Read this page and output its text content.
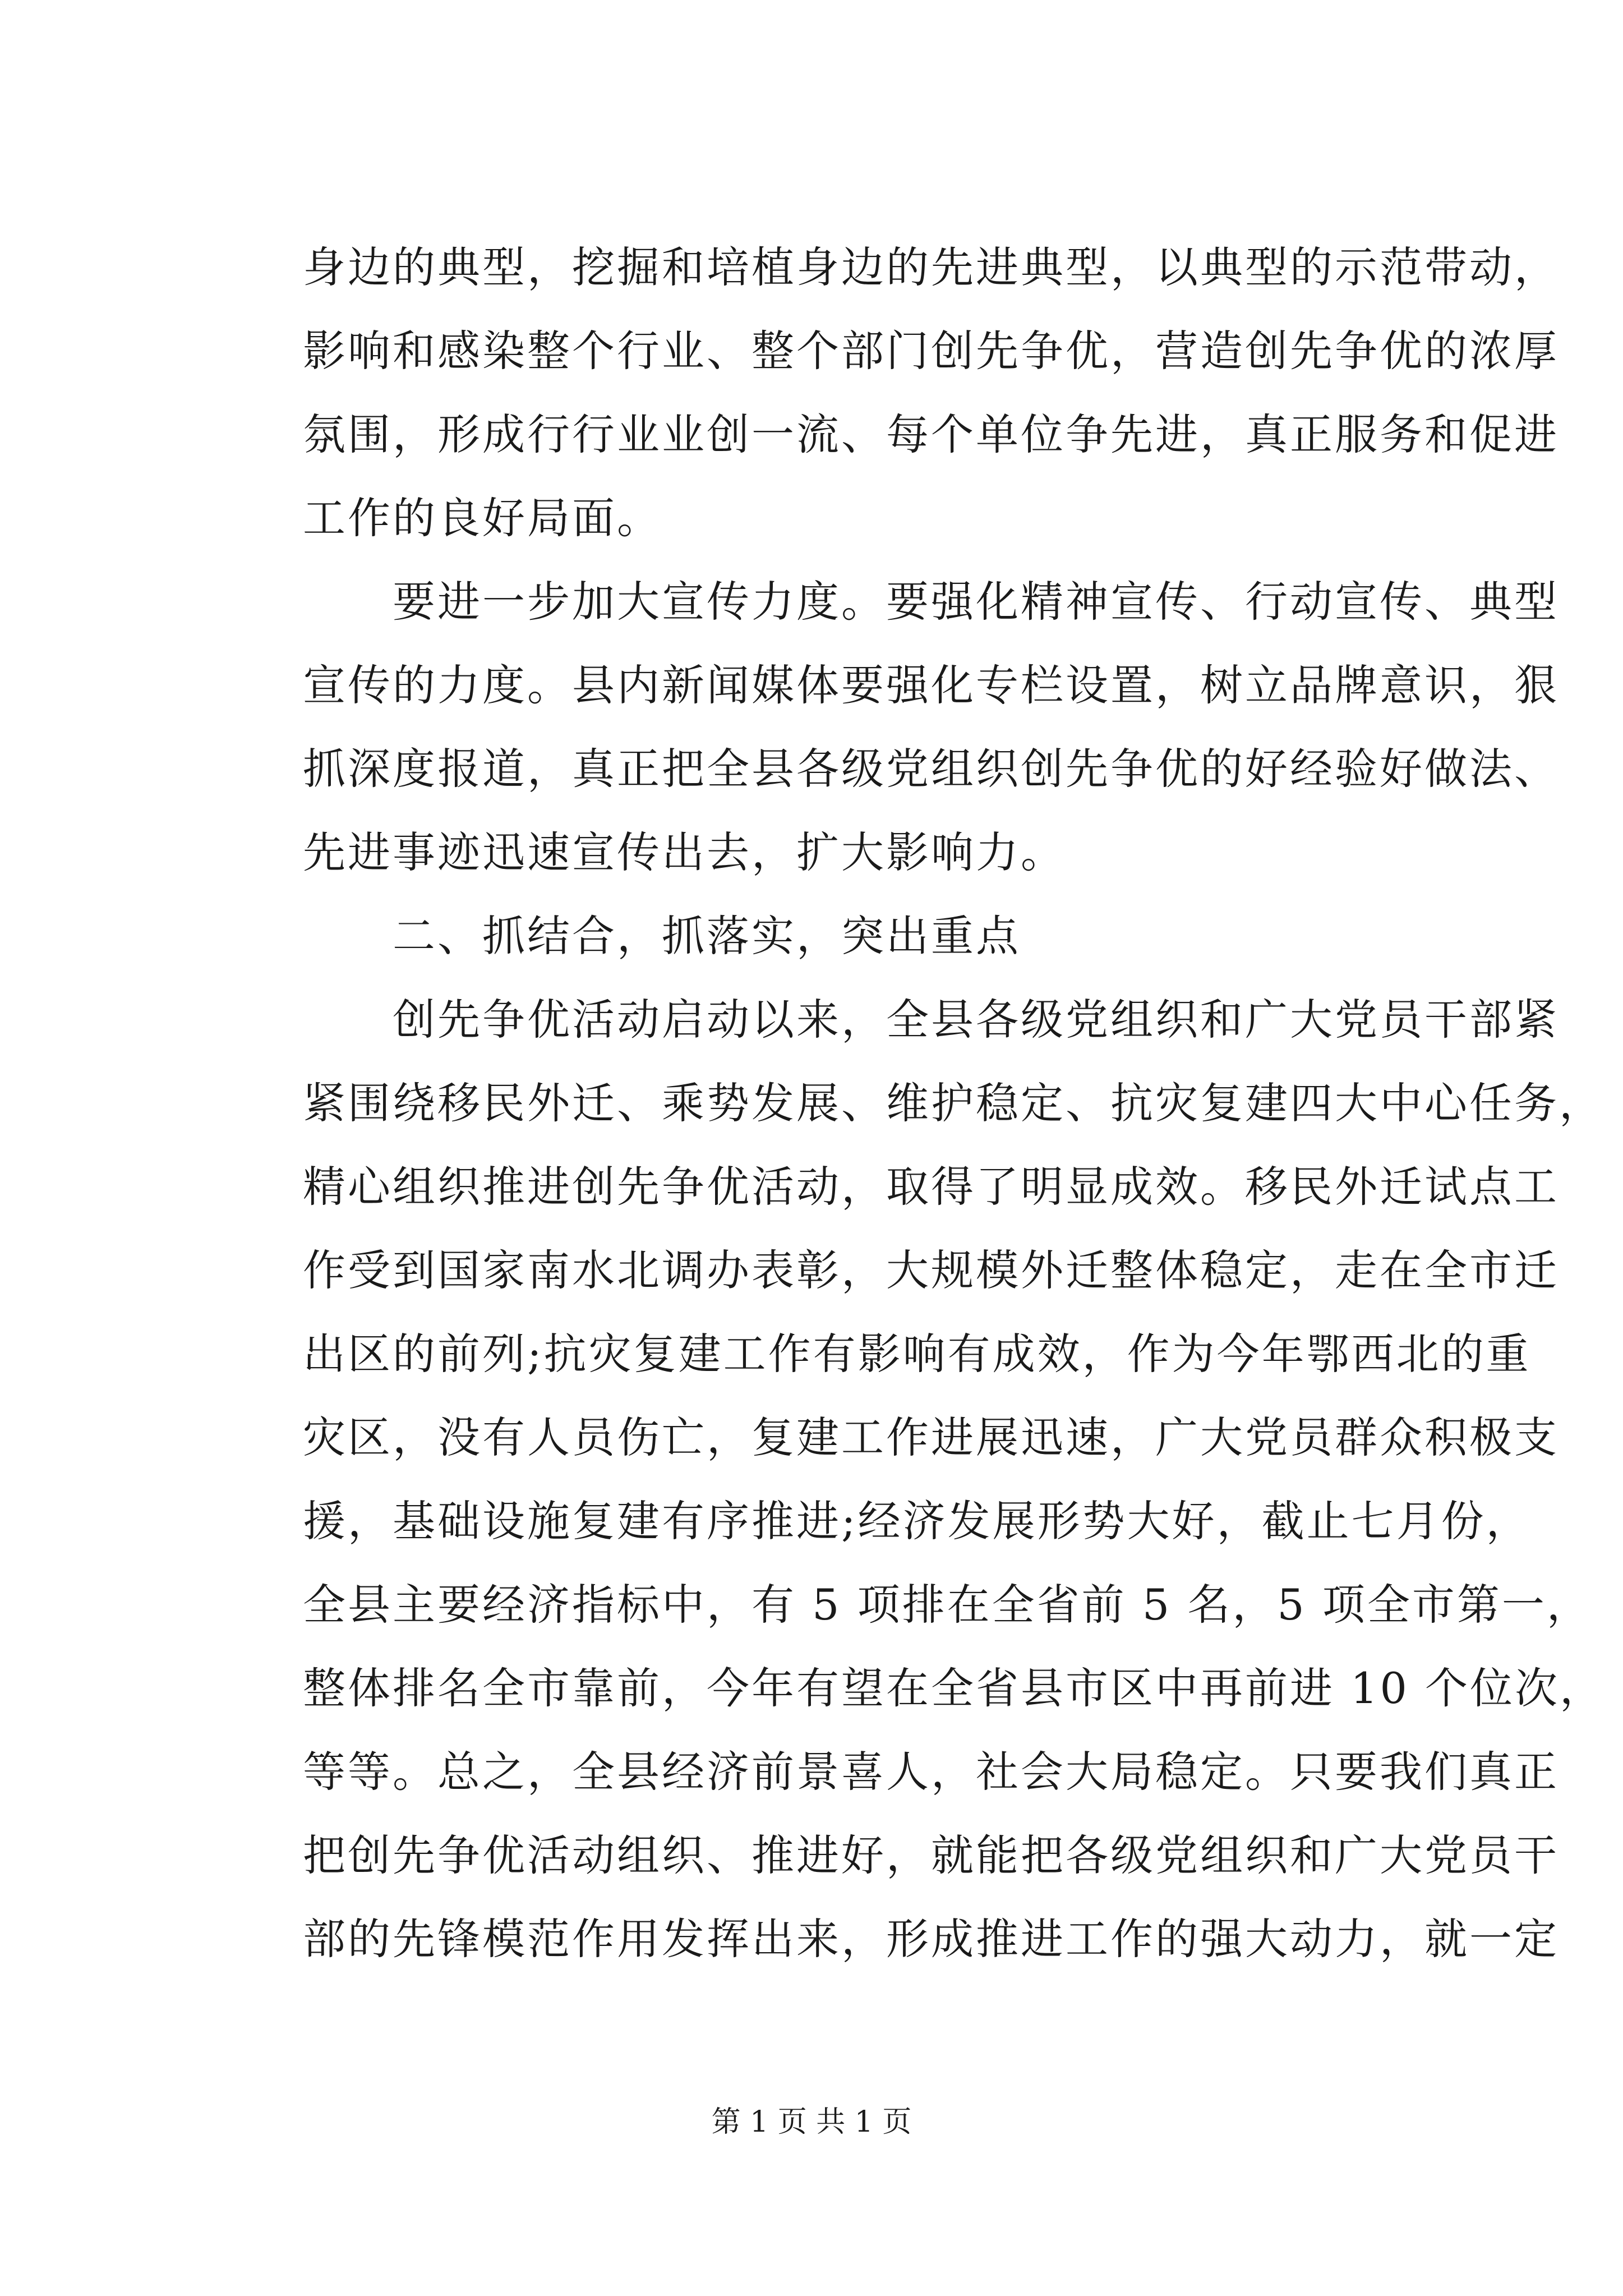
身边的典型，挖掘和培植身边的先进典型，以典型的示范带动，
影响和感染整个行业、整个部门创先争优，营造创先争优的浓厚
氛围，形成行行业业创一流、每个单位争先进，真正服务和促进
工作的良好局面。
　　要进一步加大宣传力度。要强化精神宣传、行动宣传、典型
宣传的力度。县内新闻媒体要强化专栏设置，树立品牌意识，狠
抓深度报道，真正把全县各级党组织创先争优的好经验好做法、
先进事迹迅速宣传出去，扩大影响力。
　　二、抓结合，抓落实，突出重点
　　创先争优活动启动以来，全县各级党组织和广大党员干部紧
紧围绕移民外迁、乘势发展、维护稳定、抗灾复建四大中心任务，
精心组织推进创先争优活动，取得了明显成效。移民外迁试点工
作受到国家南水北调办表彰，大规模外迁整体稳定，走在全市迁
出区的前列;抗灾复建工作有影响有成效，作为今年鄂西北的重
灾区，没有人员伤亡，复建工作进展迅速，广大党员群众积极支
援，基础设施复建有序推进;经济发展形势大好，截止七月份，
全县主要经济指标中，有 5 项排在全省前 5 名，5 项全市第一，
整体排名全市靠前，今年有望在全省县市区中再前进 10 个位次，
等等。总之，全县经济前景喜人，社会大局稳定。只要我们真正
把创先争优活动组织、推进好，就能把各级党组织和广大党员干
部的先锋模范作用发挥出来，形成推进工作的强大动力，就一定
第 1 页 共 1 页
